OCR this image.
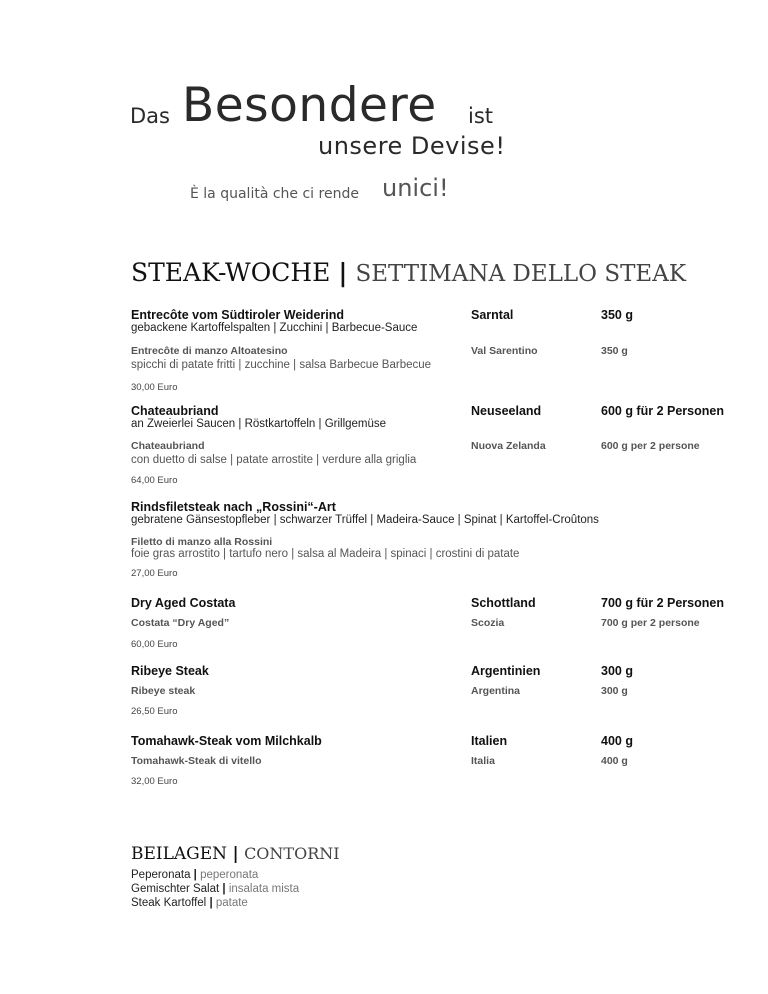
Das Besondere ist
unsere Devise!
È la qualità che ci rende unici!
STEAK-WOCHE | SETTIMANA DELLO STEAK
Entrecôte vom Südtiroler Weiderind	Sarntal	350 g
gebackene Kartoffelspalten | Zucchini | Barbecue-Sauce
Entrecôte di manzo Altoatesino	Val Sarentino	350 g
spicchi di patate fritti | zucchine | salsa Barbecue Barbecue
30,00 Euro
Chateaubriand	Neuseeland	600 g für 2 Personen
an Zweierlei Saucen | Röstkartoffeln | Grillgemüse
Chateaubriand	Nuova Zelanda	600 g per 2 persone
con duetto di salse | patate arrostite | verdure alla griglia
64,00 Euro
Rindsfiletsteak nach „Rossini“-Art
gebratene Gänsestopfleber | schwarzer Trüffel | Madeira-Sauce | Spinat | Kartoffel-Croûtons
Filetto di manzo alla Rossini
foie gras arrostito | tartufo nero | salsa al Madeira | spinaci | crostini di patate
27,00 Euro
Dry Aged Costata	Schottland	700 g für 2 Personen
Costata “Dry Aged”	Scozia	700 g per 2 persone
60,00 Euro
Ribeye Steak	Argentinien	300 g
Ribeye steak	Argentina	300 g
26,50 Euro
Tomahawk-Steak vom Milchkalb	Italien	400 g
Tomahawk-Steak di vitello	Italia	400 g
32,00 Euro
BEILAGEN | CONTORNI
Peperonata | peperonata
Gemischter Salat | insalata mista
Steak Kartoffel | patate
